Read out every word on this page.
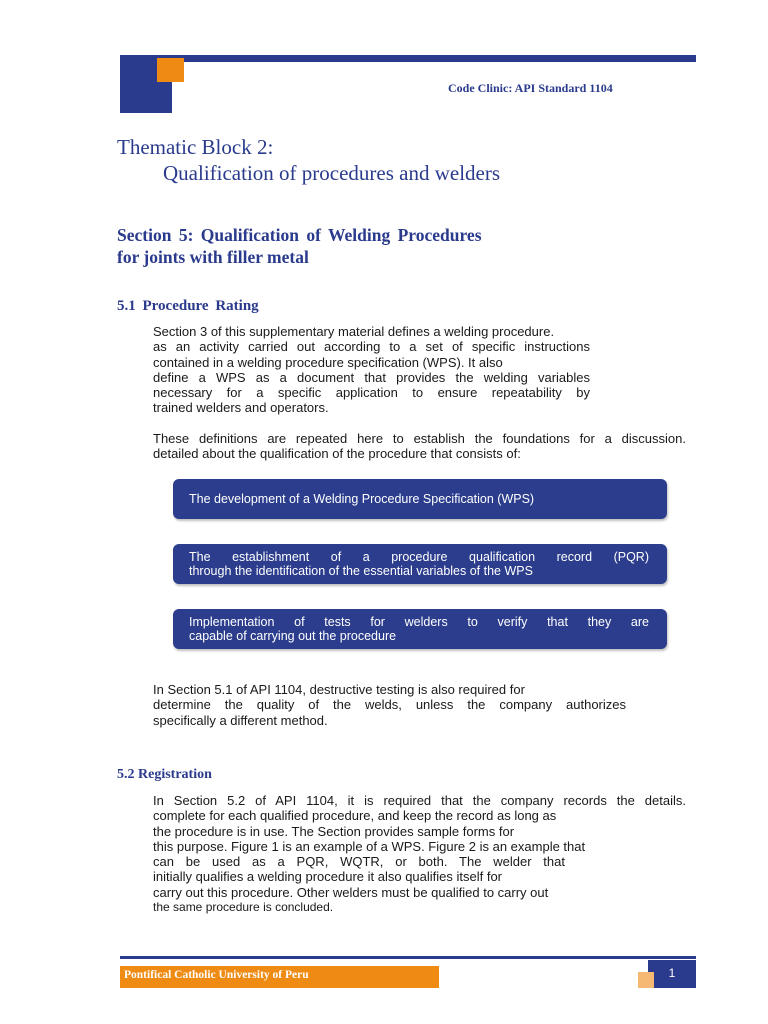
Code Clinic: API Standard 1104
Thematic Block 2:
Qualification of procedures and welders
Section 5: Qualification of Welding Procedures
for joints with filler metal
5.1 Procedure Rating
Section 3 of this supplementary material defines a welding procedure.
as an activity carried out according to a set of specific instructions
contained in a welding procedure specification (WPS). It also
define a WPS as a document that provides the welding variables
necessary for a specific application to ensure repeatability by
trained welders and operators.
These definitions are repeated here to establish the foundations for a discussion.
detailed about the qualification of the procedure that consists of:
The development of a Welding Procedure Specification (WPS)
The establishment of a procedure qualification record (PQR)
through the identification of the essential variables of the WPS
Implementation of tests for welders to verify that they are
capable of carrying out the procedure
In Section 5.1 of API 1104, destructive testing is also required for
determine the quality of the welds, unless the company authorizes
specifically a different method.
5.2 Registration
In Section 5.2 of API 1104, it is required that the company records the details.
complete for each qualified procedure, and keep the record as long as
the procedure is in use. The Section provides sample forms for
this purpose. Figure 1 is an example of a WPS. Figure 2 is an example that
can be used as a PQR, WQTR, or both. The welder that
initially qualifies a welding procedure it also qualifies itself for
carry out this procedure. Other welders must be qualified to carry out
the same procedure is concluded.
Pontifical Catholic University of Peru	1
